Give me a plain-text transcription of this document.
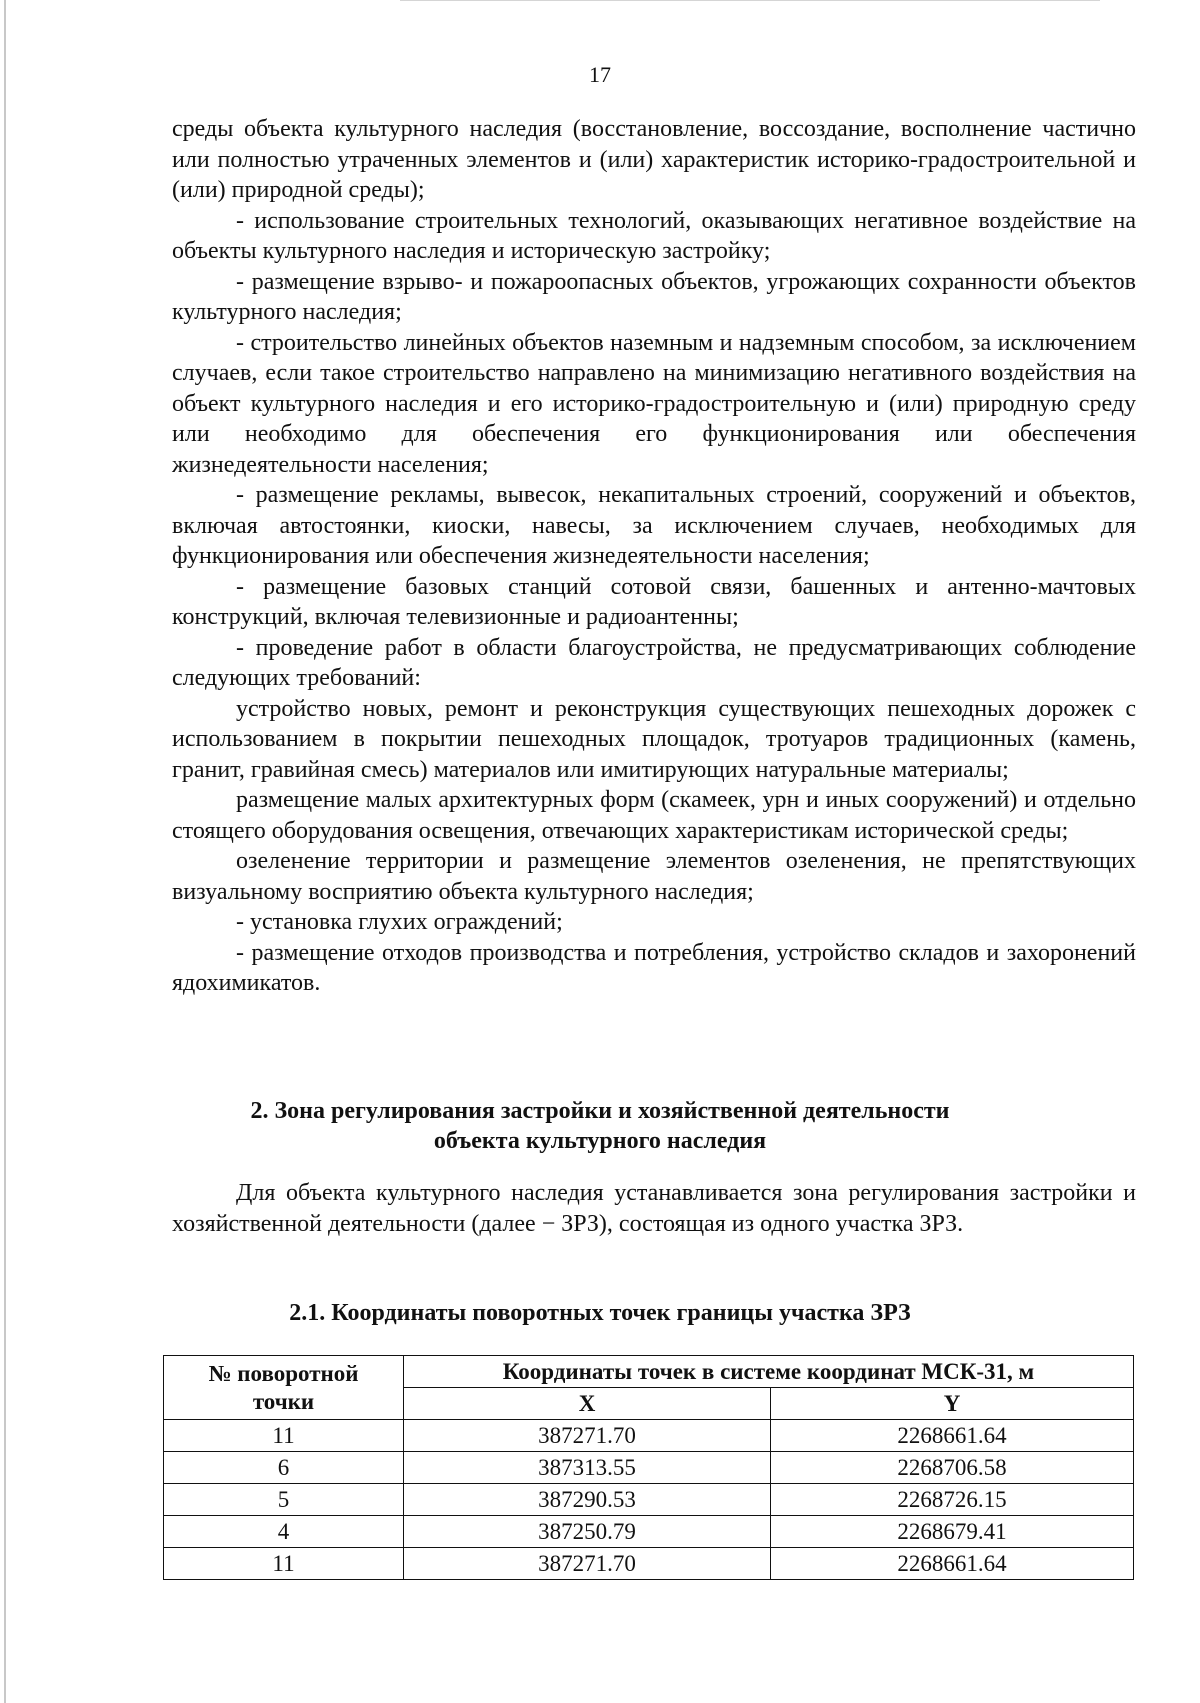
17

среды объекта культурного наследия (восстановление, воссоздание, восполнение частично или полностью утраченных элементов и (или) характеристик историко-градостроительной и (или) природной среды);

- использование строительных технологий, оказывающих негативное воздействие на объекты культурного наследия и историческую застройку;

- размещение взрыво- и пожароопасных объектов, угрожающих сохранности объектов культурного наследия;

- строительство линейных объектов наземным и надземным способом, за исключением случаев, если такое строительство направлено на минимизацию негативного воздействия на объект культурного наследия и его историко-градостроительную и (или) природную среду или необходимо для обеспечения его функционирования или обеспечения жизнедеятельности населения;

- размещение рекламы, вывесок, некапитальных строений, сооружений и объектов, включая автостоянки, киоски, навесы, за исключением случаев, необходимых для функционирования или обеспечения жизнедеятельности населения;

- размещение базовых станций сотовой связи, башенных и антенно-мачтовых конструкций, включая телевизионные и радиоантенны;

- проведение работ в области благоустройства, не предусматривающих соблюдение следующих требований:

устройство новых, ремонт и реконструкция существующих пешеходных дорожек с использованием в покрытии пешеходных площадок, тротуаров традиционных (камень, гранит, гравийная смесь) материалов или имитирующих натуральные материалы;

размещение малых архитектурных форм (скамеек, урн и иных сооружений) и отдельно стоящего оборудования освещения, отвечающих характеристикам исторической среды;

озеленение территории и размещение элементов озеленения, не препятствующих визуальному восприятию объекта культурного наследия;

- установка глухих ограждений;

- размещение отходов производства и потребления, устройство складов и захоронений ядохимикатов.

2. Зона регулирования застройки и хозяйственной деятельности
объекта культурного наследия

Для объекта культурного наследия устанавливается зона регулирования застройки и хозяйственной деятельности (далее − ЗРЗ), состоящая из одного участка ЗРЗ.

2.1. Координаты поворотных точек границы участка ЗРЗ
№ поворотной
точки	Координаты точек в системе координат МСК-31, м	
	X	Y
11	387271.70	2268661.64
6	387313.55	2268706.58
5	387290.53	2268726.15
4	387250.79	2268679.41
11	387271.70	2268661.64
